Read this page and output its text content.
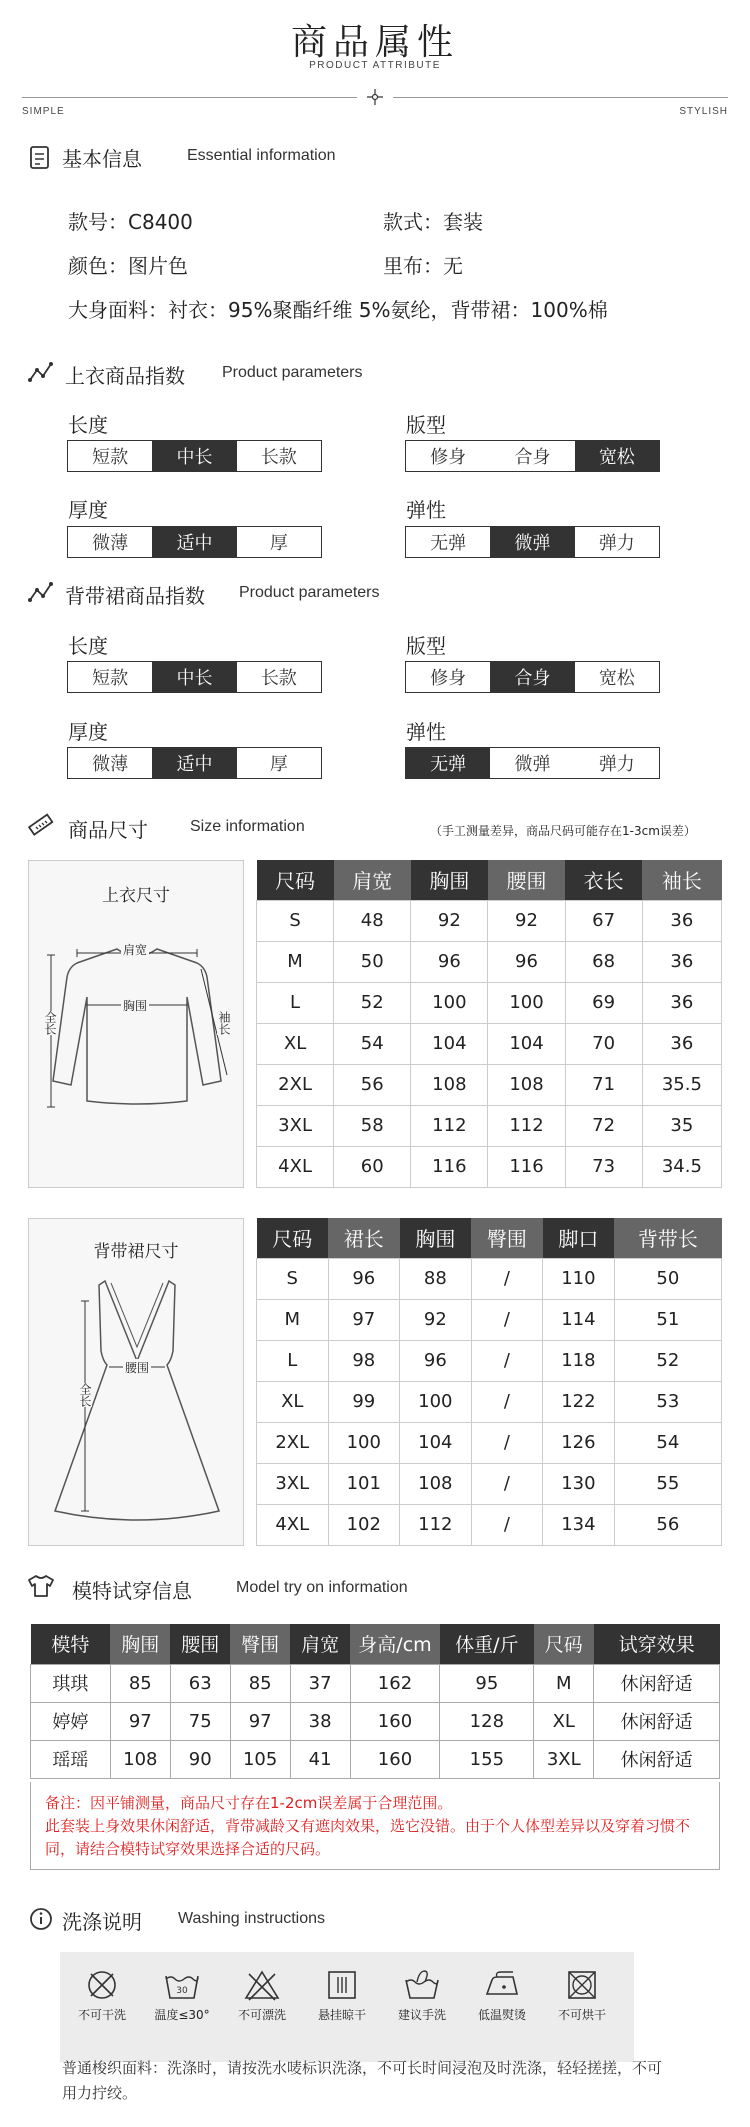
商品属性
PRODUCT ATTRIBUTE
SIMPLE	STYLISH
基本信息	Essential information
款号：C8400	款式：套装
颜色：图片色	里布：无
大身面料：衬衣：95%聚酯纤维 5%氨纶，背带裙：100%棉
上衣商品指数 Product parameters
长度
短款	中长	长款
版型
修身	合身	宽松
厚度
微薄	适中	厚
弹性
无弹	微弹	弹力
背带裙商品指数 Product parameters
长度
短款	中长	长款
版型
修身	合身	宽松
厚度
微薄	适中	厚
弹性
无弹	微弹	弹力
商品尺寸	Size information	（手工测量差异，商品尺码可能存在1-3cm误差）
上衣尺寸
肩宽
胸围
全长	袖长
尺码	肩宽	胸围	腰围	衣长	袖长
S	48	92	92	67	36
M	50	96	96	68	36
L	52	100	100	69	36
XL	54	104	104	70	36
2XL	56	108	108	71	35.5
3XL	58	112	112	72	35
4XL	60	116	116	73	34.5
背带裙尺寸
腰围
全长
尺码	裙长	胸围	臀围	脚口	背带长
S	96	88	/	110	50
M	97	92	/	114	51
L	98	96	/	118	52
XL	99	100	/	122	53
2XL	100	104	/	126	54
3XL	101	108	/	130	55
4XL	102	112	/	134	56
模特试穿信息	Model try on information
模特	胸围	腰围	臀围	肩宽	身高/cm	体重/斤	尺码	试穿效果
琪琪	85	63	85	37	162	95	M	休闲舒适
婷婷	97	75	97	38	160	128	XL	休闲舒适
瑶瑶	108	90	105	41	160	155	3XL	休闲舒适
备注：因平铺测量，商品尺寸存在1-2cm误差属于合理范围。
此套装上身效果休闲舒适，背带减龄又有遮肉效果，选它没错。由于个人体型差异以及穿着习惯不同，请结合模特试穿效果选择合适的尺码。
洗涤说明 Washing instructions
不可干洗
30
温度≤30°	不可漂洗	悬挂晾干	建议手洗	低温熨烫	不可烘干
普通梭织面料：洗涤时，请按洗水唛标识洗涤，不可长时间浸泡及时洗涤，轻轻搓搓，不可用力拧绞。
